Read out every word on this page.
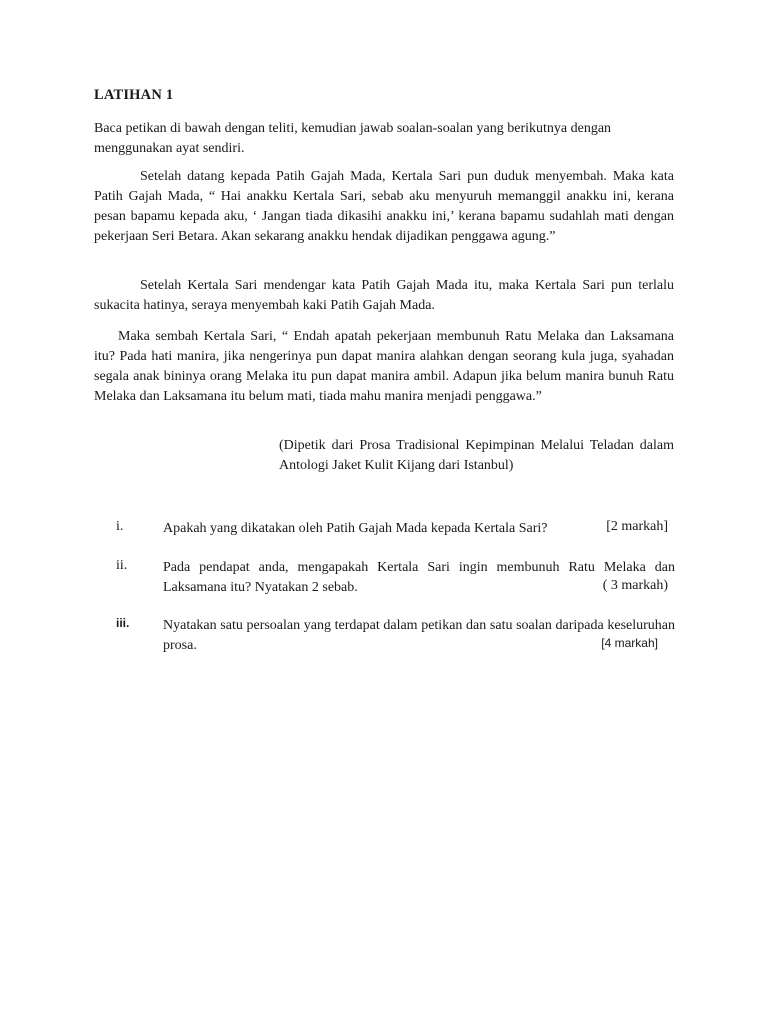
LATIHAN 1
Baca petikan di bawah dengan teliti, kemudian jawab soalan-soalan yang berikutnya dengan menggunakan ayat sendiri.
Setelah datang kepada Patih Gajah Mada, Kertala Sari pun duduk menyembah. Maka kata Patih Gajah Mada, “ Hai anakku Kertala Sari, sebab aku menyuruh memanggil anakku ini, kerana pesan bapamu kepada aku, ‘ Jangan tiada dikasihi anakku ini,’ kerana bapamu sudahlah mati dengan pekerjaan Seri Betara. Akan sekarang anakku hendak dijadikan penggawa agung.”
Setelah Kertala Sari mendengar kata Patih Gajah Mada itu, maka Kertala Sari pun terlalu sukacita hatinya, seraya menyembah kaki Patih Gajah Mada.
Maka sembah Kertala Sari, “ Endah apatah pekerjaan membunuh Ratu Melaka dan Laksamana itu? Pada hati manira, jika nengerinya pun dapat manira alahkan dengan seorang kula juga, syahadan segala anak bininya orang Melaka itu pun dapat manira ambil. Adapun jika belum manira bunuh Ratu Melaka dan Laksamana itu belum mati, tiada mahu manira menjadi penggawa.”
(Dipetik dari Prosa Tradisional Kepimpinan Melalui Teladan dalam Antologi Jaket Kulit Kijang dari Istanbul)
i.	Apakah yang dikatakan oleh Patih Gajah Mada kepada Kertala Sari?	[2 markah]
ii.	Pada pendapat anda, mengapakah Kertala Sari ingin membunuh Ratu Melaka dan Laksamana itu? Nyatakan 2 sebab.	( 3 markah)
iii.	Nyatakan satu persoalan yang terdapat dalam petikan dan satu soalan daripada keseluruhan prosa.	[4 markah]
